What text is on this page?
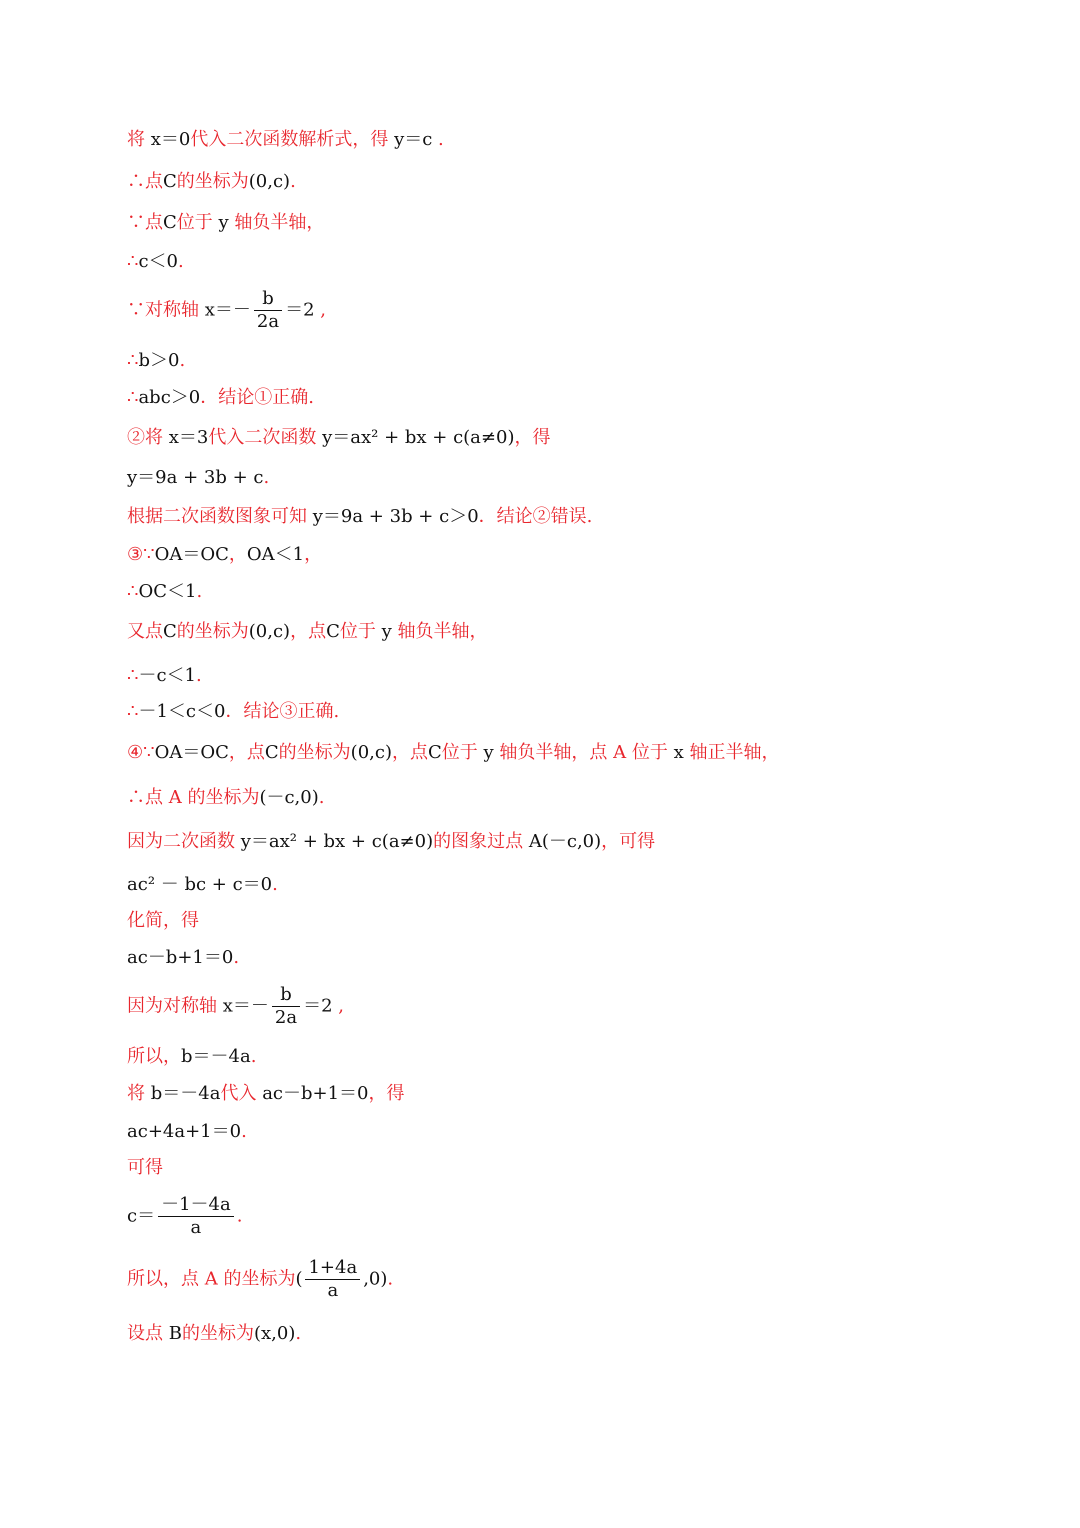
将 x＝0代入二次函数解析式，得 y＝c .
∴点C的坐标为(0,c).
∵点C位于 y 轴负半轴，
∴c＜0.
∵对称轴 $x=- \frac{b}{2a} =2$ ,
∴b＞0.
∴abc＞0．结论①正确.
②将 x＝3代入二次函数 y＝ax² + bx + c(a≠0)，得
y＝9a + 3b + c.
根据二次函数图象可知 y＝9a + 3b + c＞0．结论②错误.
③∵OA＝OC，OA＜1，
∴OC＜1.
又点C的坐标为(0,c)，点C位于 y 轴负半轴，
∴－c＜1.
∴－1＜c＜0．结论③正确.
④∵OA＝OC，点C的坐标为(0,c)，点C位于 y 轴负半轴，点 A 位于 x 轴正半轴，
∴点 A 的坐标为(－c,0).
因为二次函数 y＝ax² + bx + c(a≠0)的图象过点 A(－c,0)，可得
ac² － bc + c＝0.
化简，得
ac－b+1＝0.
因为对称轴 $x=- \frac{b}{2a} =2$ ,
所以，b＝－4a.
将 b＝－4a代入 ac－b+1＝0，得
ac+4a+1＝0.
可得
$c= \frac{-1-4a}{a}$ .
所以，点 A 的坐标为( $\frac{1+4a}{a} ,0$).
设点 B的坐标为(x,0).
